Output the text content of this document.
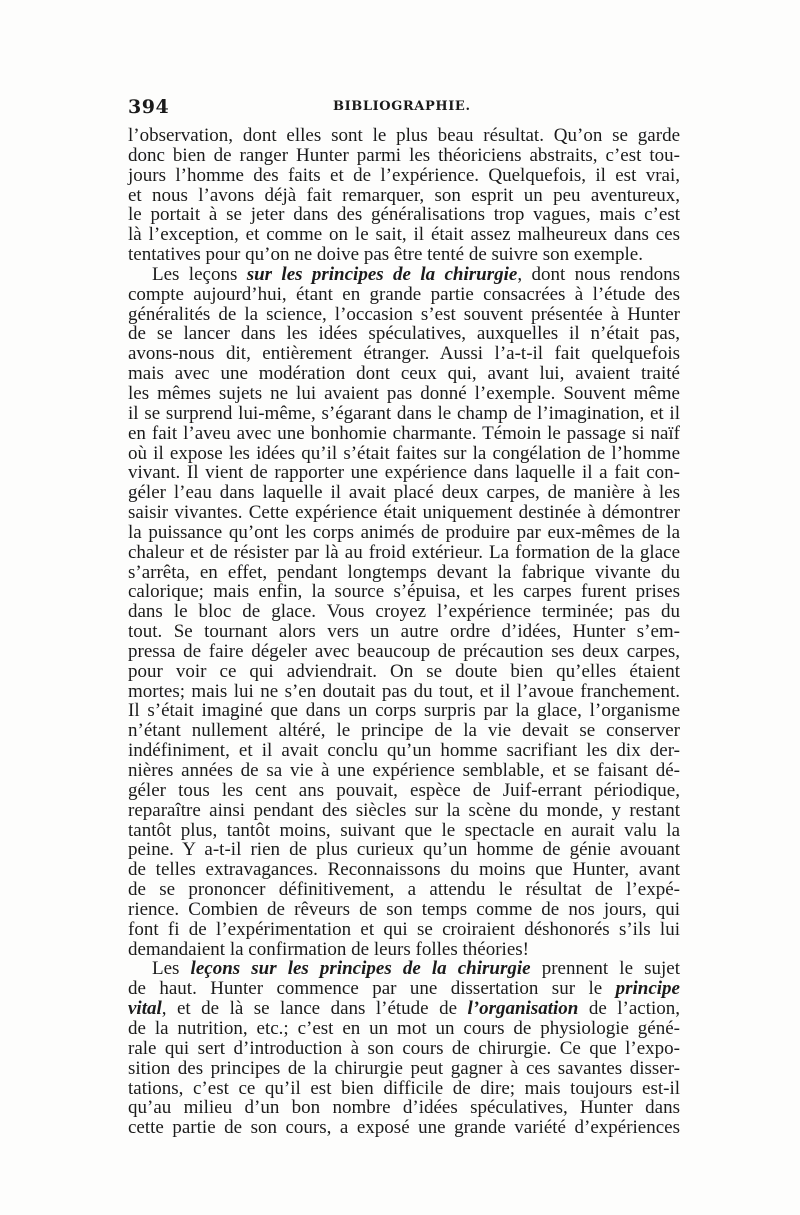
394	BIBLIOGRAPHIE.
l’observation, dont elles sont le plus beau résultat. Qu’on se garde
donc bien de ranger Hunter parmi les théoriciens abstraits, c’est tou-
jours l’homme des faits et de l’expérience. Quelquefois, il est vrai,
et nous l’avons déjà fait remarquer, son esprit un peu aventureux,
le portait à se jeter dans des généralisations trop vagues, mais c’est
là l’exception, et comme on le sait, il était assez malheureux dans ces
tentatives pour qu’on ne doive pas être tenté de suivre son exemple.
Les leçons sur les principes de la chirurgie, dont nous rendons
compte aujourd’hui, étant en grande partie consacrées à l’étude des
généralités de la science, l’occasion s’est souvent présentée à Hunter
de se lancer dans les idées spéculatives, auxquelles il n’était pas,
avons-nous dit, entièrement étranger. Aussi l’a-t-il fait quelquefois
mais avec une modération dont ceux qui, avant lui, avaient traité
les mêmes sujets ne lui avaient pas donné l’exemple. Souvent même
il se surprend lui-même, s’égarant dans le champ de l’imagination, et il
en fait l’aveu avec une bonhomie charmante. Témoin le passage si naïf
où il expose les idées qu’il s’était faites sur la congélation de l’homme
vivant. Il vient de rapporter une expérience dans laquelle il a fait con-
géler l’eau dans laquelle il avait placé deux carpes, de manière à les
saisir vivantes. Cette expérience était uniquement destinée à démontrer
la puissance qu’ont les corps animés de produire par eux-mêmes de la
chaleur et de résister par là au froid extérieur. La formation de la glace
s’arrêta, en effet, pendant longtemps devant la fabrique vivante du
calorique; mais enfin, la source s’épuisa, et les carpes furent prises
dans le bloc de glace. Vous croyez l’expérience terminée; pas du
tout. Se tournant alors vers un autre ordre d’idées, Hunter s’em-
pressa de faire dégeler avec beaucoup de précaution ses deux carpes,
pour voir ce qui adviendrait. On se doute bien qu’elles étaient
mortes; mais lui ne s’en doutait pas du tout, et il l’avoue franchement.
Il s’était imaginé que dans un corps surpris par la glace, l’organisme
n’étant nullement altéré, le principe de la vie devait se conserver
indéfiniment, et il avait conclu qu’un homme sacrifiant les dix der-
nières années de sa vie à une expérience semblable, et se faisant dé-
géler tous les cent ans pouvait, espèce de Juif-errant périodique,
reparaître ainsi pendant des siècles sur la scène du monde, y restant
tantôt plus, tantôt moins, suivant que le spectacle en aurait valu la
peine. Y a-t-il rien de plus curieux qu’un homme de génie avouant
de telles extravagances. Reconnaissons du moins que Hunter, avant
de se prononcer définitivement, a attendu le résultat de l’expé-
rience. Combien de rêveurs de son temps comme de nos jours, qui
font fi de l’expérimentation et qui se croiraient déshonorés s’ils lui
demandaient la confirmation de leurs folles théories!
Les leçons sur les principes de la chirurgie prennent le sujet
de haut. Hunter commence par une dissertation sur le principe
vital, et de là se lance dans l’étude de l’organisation de l’action,
de la nutrition, etc.; c’est en un mot un cours de physiologie géné-
rale qui sert d’introduction à son cours de chirurgie. Ce que l’expo-
sition des principes de la chirurgie peut gagner à ces savantes disser-
tations, c’est ce qu’il est bien difficile de dire; mais toujours est-il
qu’au milieu d’un bon nombre d’idées spéculatives, Hunter dans
cette partie de son cours, a exposé une grande variété d’expériences
